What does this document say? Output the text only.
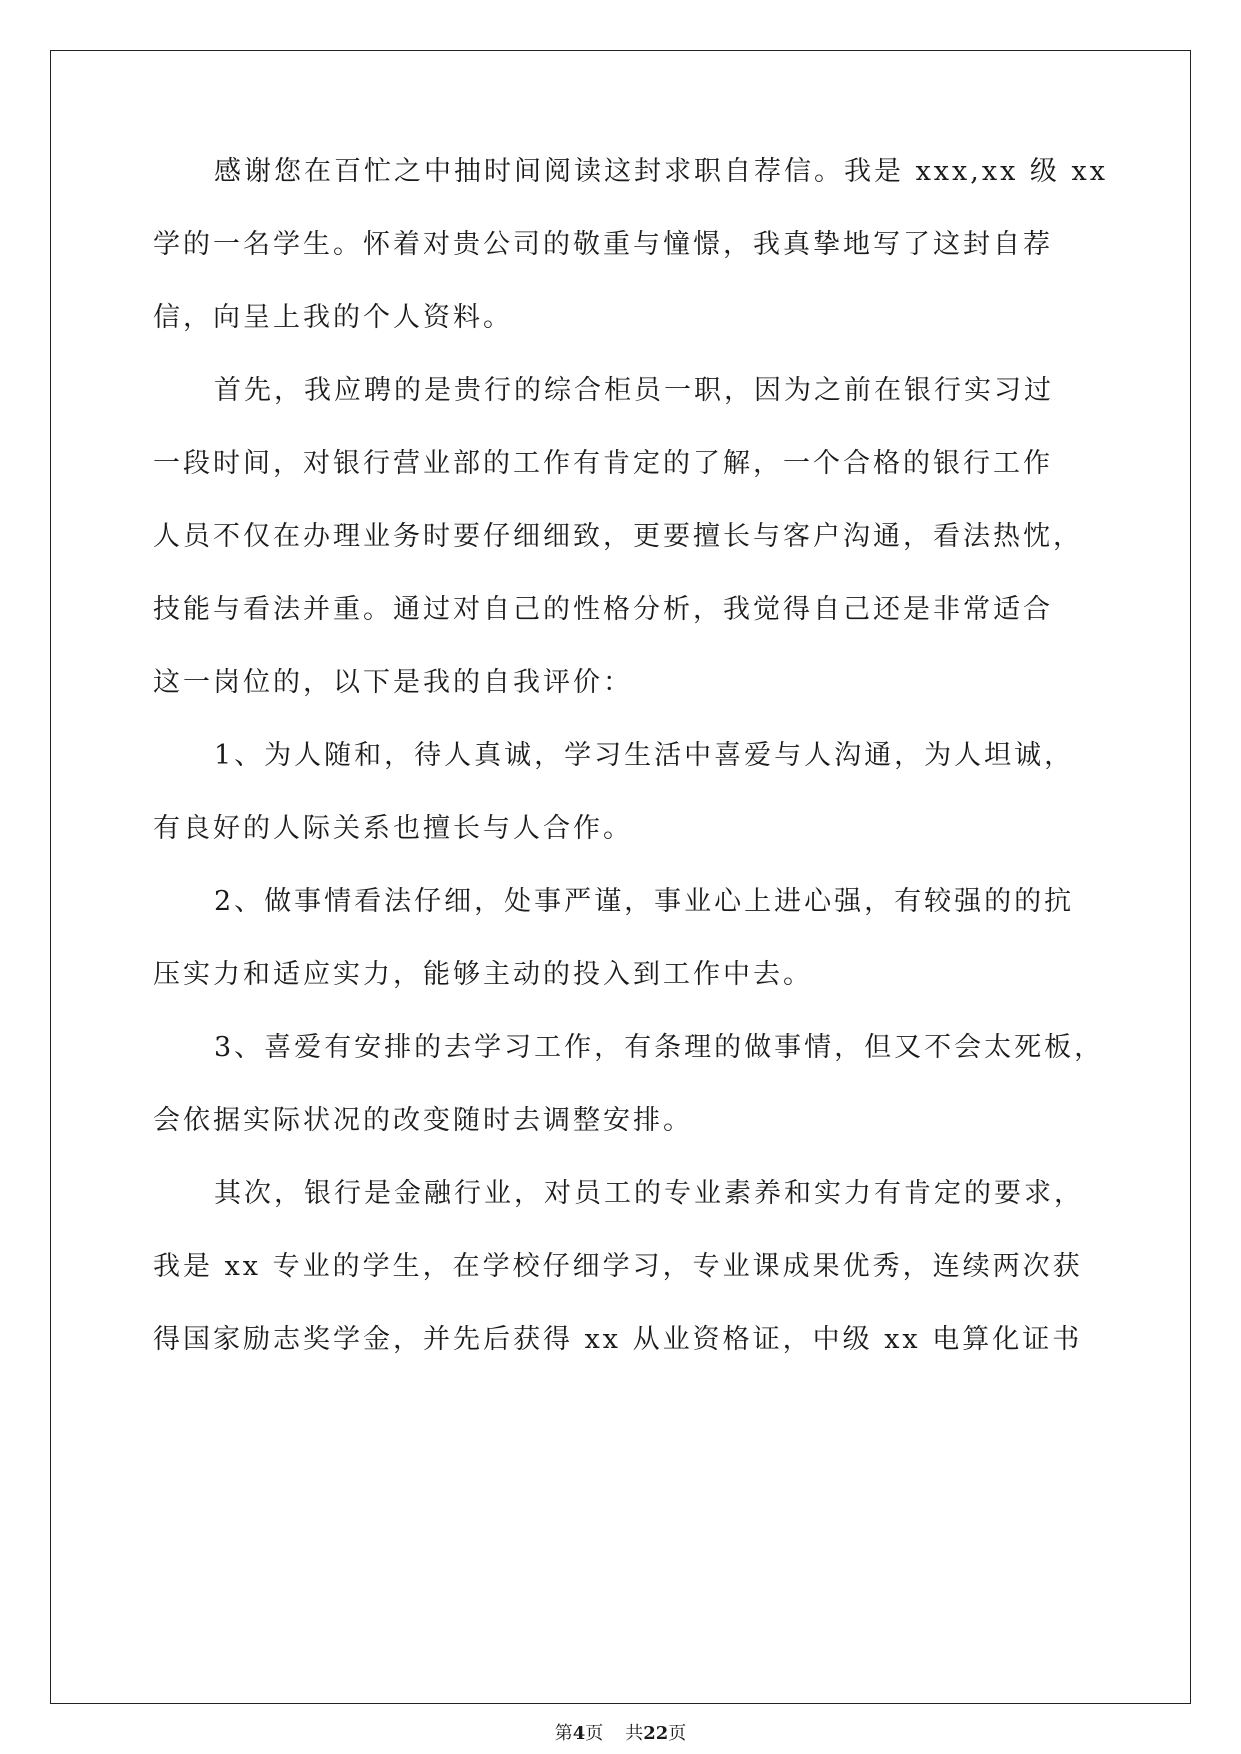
感谢您在百忙之中抽时间阅读这封求职自荐信。我是 xxx,xx 级 xx
学的一名学生。怀着对贵公司的敬重与憧憬，我真挚地写了这封自荐
信，向呈上我的个人资料。
首先，我应聘的是贵行的综合柜员一职，因为之前在银行实习过
一段时间，对银行营业部的工作有肯定的了解，一个合格的银行工作
人员不仅在办理业务时要仔细细致，更要擅长与客户沟通，看法热忱，
技能与看法并重。通过对自己的性格分析，我觉得自己还是非常适合
这一岗位的，以下是我的自我评价：
1、为人随和，待人真诚，学习生活中喜爱与人沟通，为人坦诚，
有良好的人际关系也擅长与人合作。
2、做事情看法仔细，处事严谨，事业心上进心强，有较强的的抗
压实力和适应实力，能够主动的投入到工作中去。
3、喜爱有安排的去学习工作，有条理的做事情，但又不会太死板，
会依据实际状况的改变随时去调整安排。
其次，银行是金融行业，对员工的专业素养和实力有肯定的要求，
我是 xx 专业的学生，在学校仔细学习，专业课成果优秀，连续两次获
得国家励志奖学金，并先后获得 xx 从业资格证，中级 xx 电算化证书
第4页 共22页
